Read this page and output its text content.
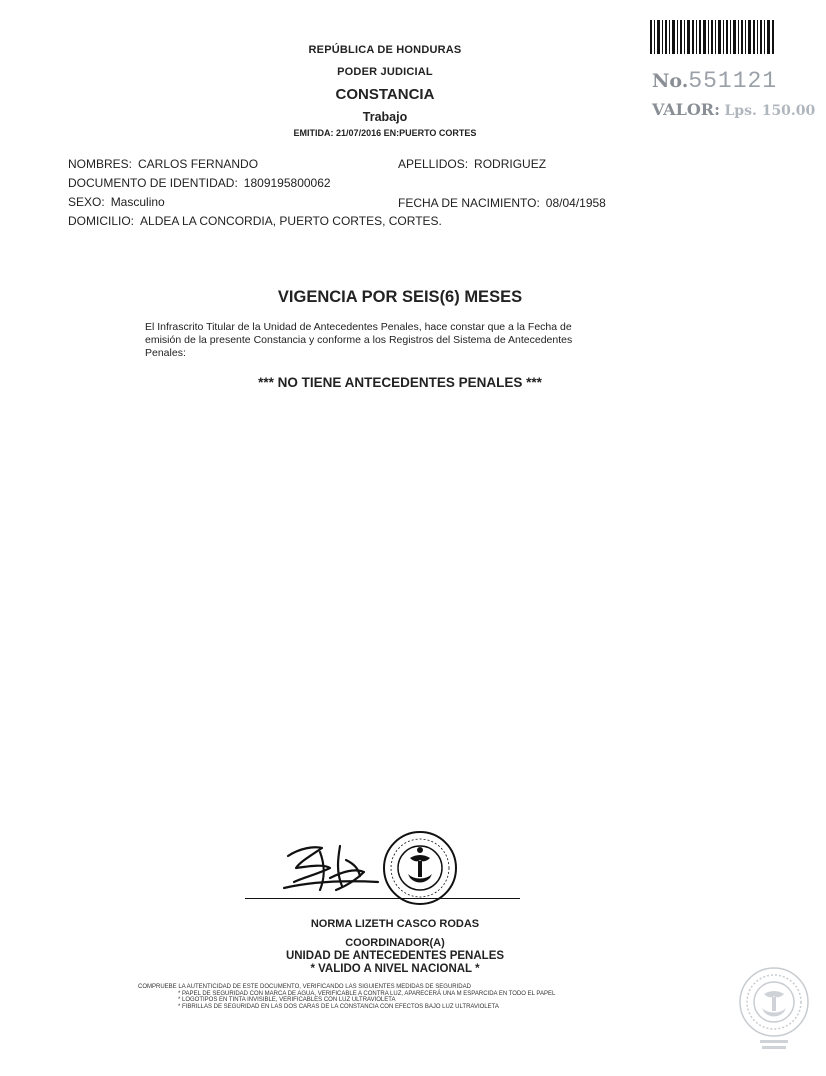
No.551121
VALOR: Lps. 150.00
REPÚBLICA DE HONDURAS
PODER JUDICIAL
CONSTANCIA
Trabajo
EMITIDA: 21/07/2016 EN:PUERTO CORTES
NOMBRES: CARLOS FERNANDO	APELLIDOS: RODRIGUEZ
DOCUMENTO DE IDENTIDAD: 1809195800062
SEXO: Masculino	FECHA DE NACIMIENTO: 08/04/1958
DOMICILIO: ALDEA LA CONCORDIA, PUERTO CORTES, CORTES.
VIGENCIA POR SEIS(6) MESES
El Infrascrito Titular de la Unidad de Antecedentes Penales, hace constar que a la Fecha de
emisión de la presente Constancia y conforme a los Registros del Sistema de Antecedentes
Penales:
*** NO TIENE ANTECEDENTES PENALES ***
NORMA LIZETH CASCO RODAS
COORDINADOR(A)
UNIDAD DE ANTECEDENTES PENALES
* VALIDO A NIVEL NACIONAL *
COMPRUEBE LA AUTENTICIDAD DE ESTE DOCUMENTO, VERIFICANDO LAS SIGUIENTES MEDIDAS DE SEGURIDAD
* PAPEL DE SEGURIDAD CON MARCA DE AGUA, VERIFICABLE A CONTRA LUZ, APARECERÁ UNA M ESPARCIDA EN TODO EL PAPEL
* LOGOTIPOS EN TINTA INVISIBLE, VERIFICABLES CON LUZ ULTRAVIOLETA
* FIBRILLAS DE SEGURIDAD EN LAS DOS CARAS DE LA CONSTANCIA CON EFECTOS BAJO LUZ ULTRAVIOLETA
